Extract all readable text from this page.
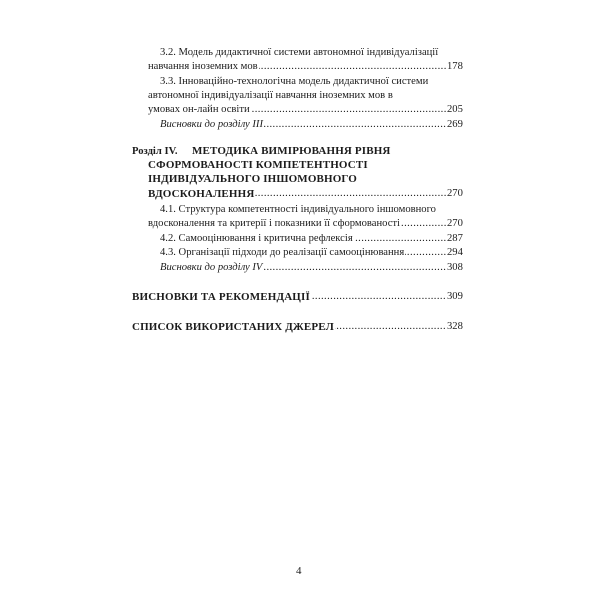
3.2. Модель дидактичної системи автономної індивідуалізації
навчання іноземних мов .....	178
3.3. Інноваційно-технологічна модель дидактичної системи
автономної індивідуалізації навчання іноземних мов в
умовах он-лайн освіти .....	205
Висновки до розділу ІІІ .....	269
Розділ IV. МЕТОДИКА ВИМІРЮВАННЯ РІВНЯ
СФОРМОВАНОСТІ КОМПЕТЕНТНОСТІ
ІНДИВІДУАЛЬНОГО ІНШОМОВНОГО
ВДОСКОНАЛЕННЯ .....	270
4.1. Структура компетентності індивідуального іншомовного
вдосконалення та критерії і показники її сформованості .....	270
4.2. Самооцінювання і критична рефлексія .....	287
4.3. Організації підходи до реалізації самооцінювання .....	294
Висновки до розділу IV .....	308
ВИСНОВКИ ТА РЕКОМЕНДАЦІЇ .....	309
СПИСОК ВИКОРИСТАНИХ ДЖЕРЕЛ .....	328
4
